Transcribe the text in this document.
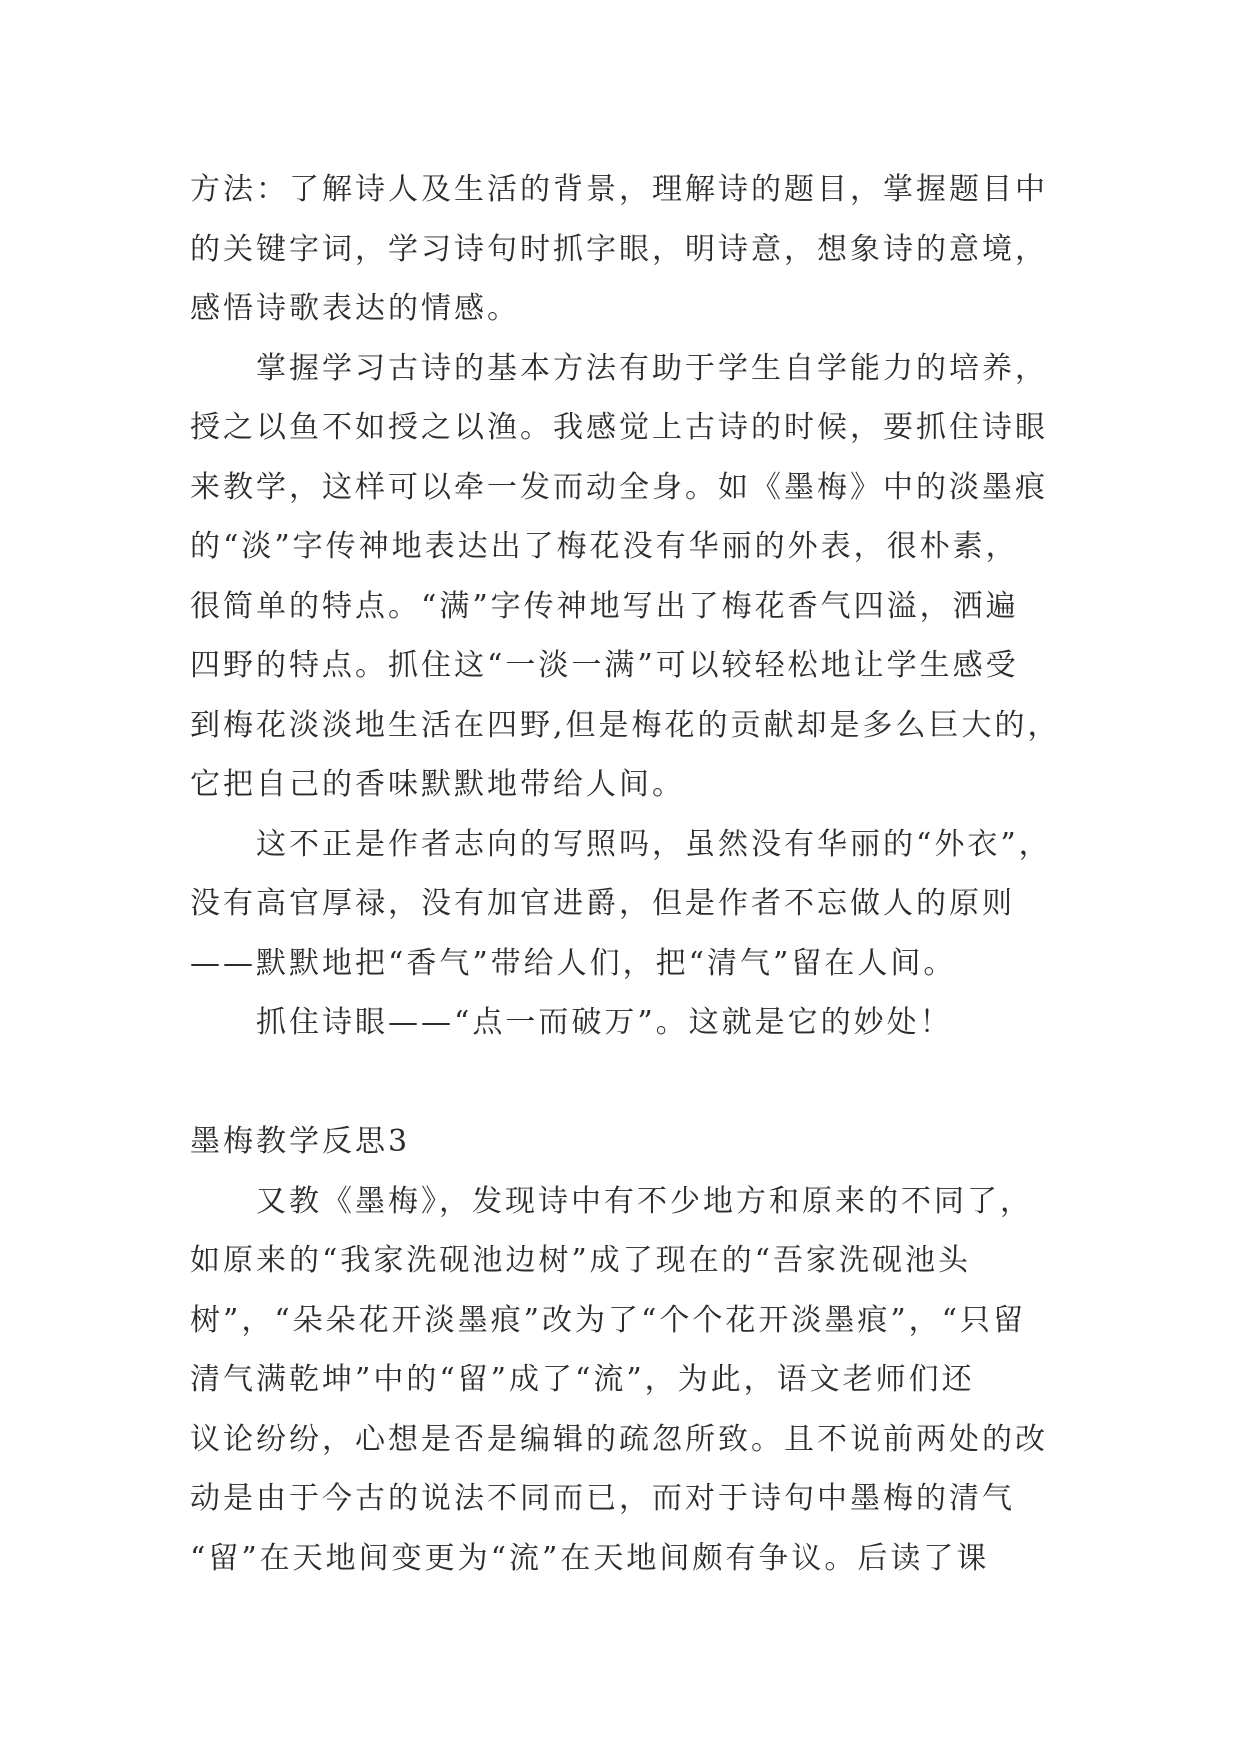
方法：了解诗人及生活的背景，理解诗的题目，掌握题目中
的关键字词，学习诗句时抓字眼，明诗意，想象诗的意境，
感悟诗歌表达的情感。
掌握学习古诗的基本方法有助于学生自学能力的培养，
授之以鱼不如授之以渔。我感觉上古诗的时候，要抓住诗眼
来教学，这样可以牵一发而动全身。如《墨梅》中的淡墨痕
的“淡”字传神地表达出了梅花没有华丽的外表，很朴素，
很简单的特点。“满”字传神地写出了梅花香气四溢，洒遍
四野的特点。抓住这“一淡一满”可以较轻松地让学生感受
到梅花淡淡地生活在四野,但是梅花的贡献却是多么巨大的，
它把自己的香味默默地带给人间。
这不正是作者志向的写照吗，虽然没有华丽的“外衣”，
没有高官厚禄，没有加官进爵，但是作者不忘做人的原则
——默默地把“香气”带给人们，把“清气”留在人间。
抓住诗眼——“点一而破万”。这就是它的妙处！
墨梅教学反思3
又教《墨梅》，发现诗中有不少地方和原来的不同了，
如原来的“我家洗砚池边树”成了现在的“吾家洗砚池头
树”，“朵朵花开淡墨痕”改为了“个个花开淡墨痕”，“只留
清气满乾坤”中的“留”成了“流”，为此，语文老师们还
议论纷纷，心想是否是编辑的疏忽所致。且不说前两处的改
动是由于今古的说法不同而已，而对于诗句中墨梅的清气
“留”在天地间变更为“流”在天地间颇有争议。后读了课
